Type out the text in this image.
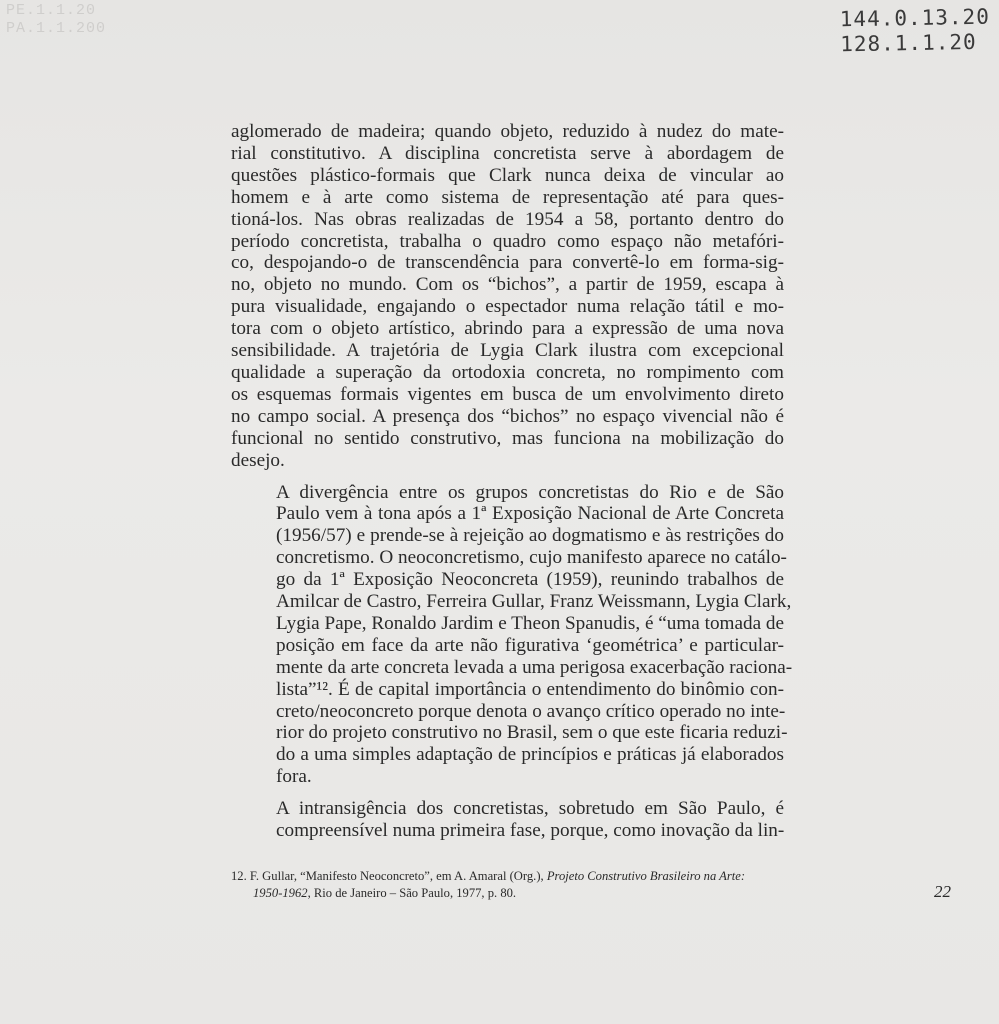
PE.1.1.20
PA.1.1.200	144.0.13.20
128.1.1.20

aglomerado de madeira; quando objeto, reduzido à nudez do mate-
rial constitutivo. A disciplina concretista serve à abordagem de
questões plástico-formais que Clark nunca deixa de vincular ao
homem e à arte como sistema de representação até para ques-
tioná-los. Nas obras realizadas de 1954 a 58, portanto dentro do
período concretista, trabalha o quadro como espaço não metafóri-
co, despojando-o de transcendência para convertê-lo em forma-sig-
no, objeto no mundo. Com os “bichos”, a partir de 1959, escapa à
pura visualidade, engajando o espectador numa relação tátil e mo-
tora com o objeto artístico, abrindo para a expressão de uma nova
sensibilidade. A trajetória de Lygia Clark ilustra com excepcional
qualidade a superação da ortodoxia concreta, no rompimento com
os esquemas formais vigentes em busca de um envolvimento direto
no campo social. A presença dos “bichos” no espaço vivencial não é
funcional no sentido construtivo, mas funciona na mobilização do
desejo.

A divergência entre os grupos concretistas do Rio e de São
Paulo vem à tona após a 1ª Exposição Nacional de Arte Concreta
(1956/57) e prende-se à rejeição ao dogmatismo e às restrições do
concretismo. O neoconcretismo, cujo manifesto aparece no catálo-
go da 1ª Exposição Neoconcreta (1959), reunindo trabalhos de
Amilcar de Castro, Ferreira Gullar, Franz Weissmann, Lygia Clark,
Lygia Pape, Ronaldo Jardim e Theon Spanudis, é “uma tomada de
posição em face da arte não figurativa ‘geométrica’ e particular-
mente da arte concreta levada a uma perigosa exacerbação raciona-
lista”¹². É de capital importância o entendimento do binômio con-
creto/neoconcreto porque denota o avanço crítico operado no inte-
rior do projeto construtivo no Brasil, sem o que este ficaria reduzi-
do a uma simples adaptação de princípios e práticas já elaborados
fora.

A intransigência dos concretistas, sobretudo em São Paulo, é
compreensível numa primeira fase, porque, como inovação da lin-

12. F. Gullar, “Manifesto Neoconcreto”, em A. Amaral (Org.), Projeto Construtivo Brasileiro na Arte:
1950-1962, Rio de Janeiro – São Paulo, 1977, p. 80.	22
